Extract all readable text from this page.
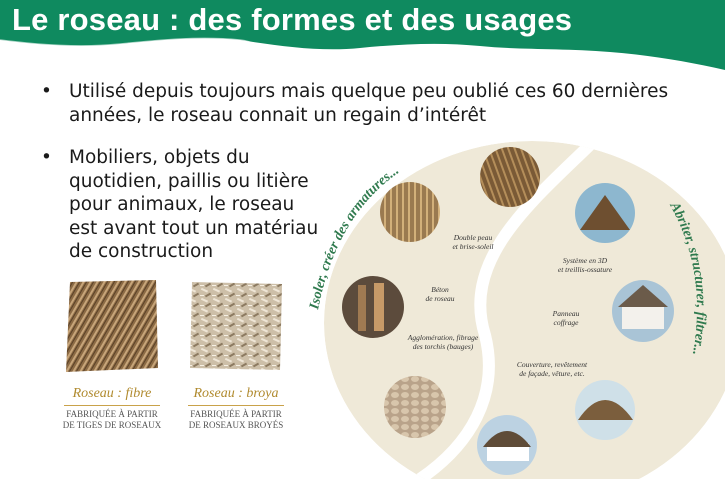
Le roseau : des formes et des usages
• Utilisé depuis toujours mais quelque peu oublié ces 60 dernières années, le roseau connait un regain d’intérêt
• Mobiliers, objets du quotidien, paillis ou litière pour animaux, le roseau est avant tout un matériau de construction
Roseau : fibre
FABRIQUÉE À PARTIR
DE TIGES DE ROSEAUX
Roseau : broya
FABRIQUÉE À PARTIR
DE ROSEAUX BROYÉS
Isoler, créer des armatures...
Abriter, structurer, filtrer...
Double peau
et brise-soleil
Béton
de roseau
Agglomération, fibrage
des torchis (bauges)
Système en 3D
et treillis-ossature
Panneau
coffrage
Couverture, revêtement
de façade, vêture, etc.
